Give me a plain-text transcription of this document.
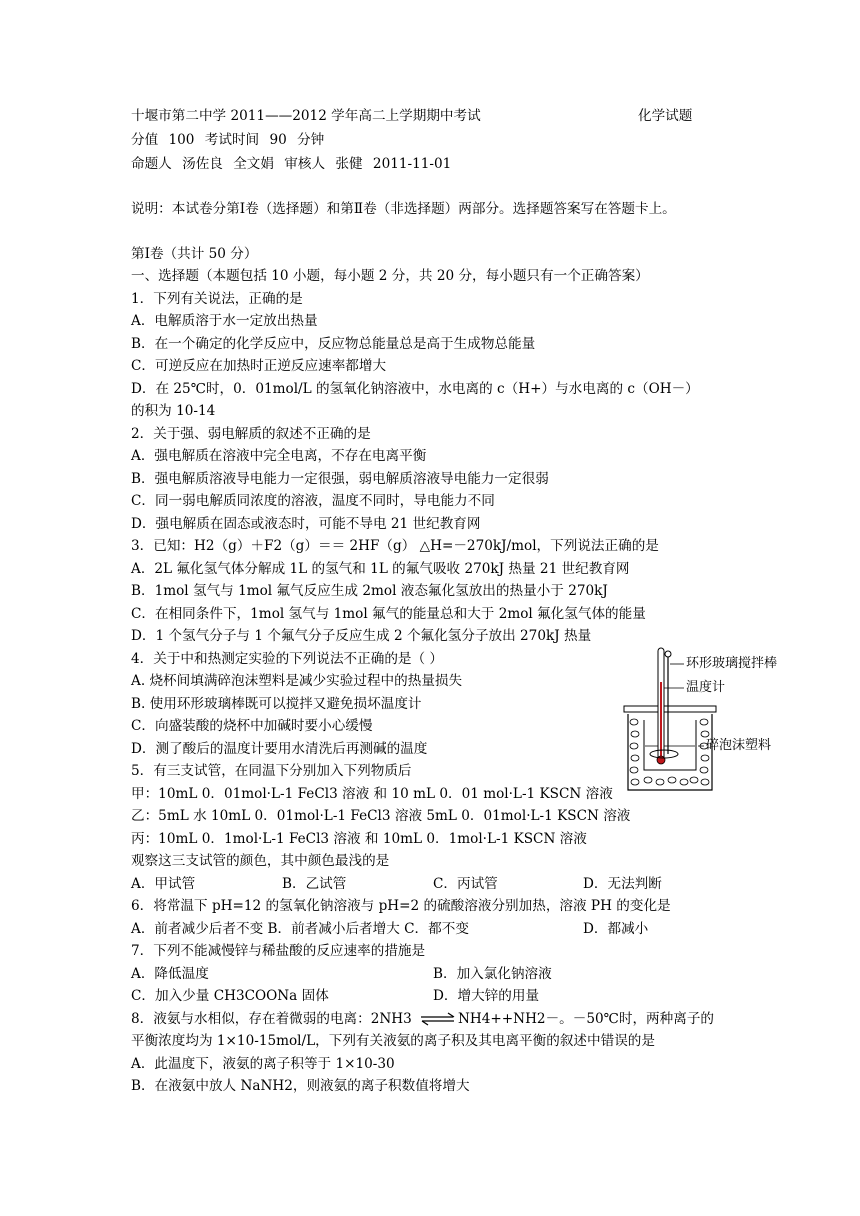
十堰市第二中学 2011——2012 学年高二上学期期中考试	化学试题
分值 100 考试时间 90 分钟
命题人 汤佐良 全文娟 审核人 张健 2011-11-01
说明：本试卷分第Ⅰ卷（选择题）和第Ⅱ卷（非选择题）两部分。选择题答案写在答题卡上。
第Ⅰ卷（共计 50 分）
一、选择题（本题包括 10 小题，每小题 2 分，共 20 分，每小题只有一个正确答案）
1．下列有关说法，正确的是
A．电解质溶于水一定放出热量
B．在一个确定的化学反应中，反应物总能量总是高于生成物总能量
C．可逆反应在加热时正逆反应速率都增大
D．在 25℃时，0．01mol/L 的氢氧化钠溶液中，水电离的 c（H+）与水电离的 c（OH－）
的积为 10-14
2．关于强、弱电解质的叙述不正确的是
A．强电解质在溶液中完全电离，不存在电离平衡
B．强电解质溶液导电能力一定很强，弱电解质溶液导电能力一定很弱
C．同一弱电解质同浓度的溶液，温度不同时，导电能力不同
D．强电解质在固态或液态时，可能不导电 21 世纪教育网
3．已知：H2（g）＋F2（g）＝＝ 2HF（g） △H=－270kJ/mol，下列说法正确的是
A．2L 氟化氢气体分解成 1L 的氢气和 1L 的氟气吸收 270kJ 热量 21 世纪教育网
B．1mol 氢气与 1mol 氟气反应生成 2mol 液态氟化氢放出的热量小于 270kJ
C．在相同条件下，1mol 氢气与 1mol 氟气的能量总和大于 2mol 氟化氢气体的能量
D．1 个氢气分子与 1 个氟气分子反应生成 2 个氟化氢分子放出 270kJ 热量
4．关于中和热测定实验的下列说法不正确的是（ ）
A. 烧杯间填满碎泡沫塑料是减少实验过程中的热量损失
B. 使用环形玻璃棒既可以搅拌又避免损坏温度计
C．向盛装酸的烧杯中加碱时要小心缓慢
D．测了酸后的温度计要用水清洗后再测碱的温度
5．有三支试管，在同温下分别加入下列物质后
甲：10mL 0．01mol·L-1 FeCl3 溶液 和 10 mL 0．01 mol·L-1 KSCN 溶液
乙：5mL 水 10mL 0．01mol·L-1 FeCl3 溶液 5mL 0．01mol·L-1 KSCN 溶液
丙：10mL 0．1mol·L-1 FeCl3 溶液 和 10mL 0．1mol·L-1 KSCN 溶液
观察这三支试管的颜色，其中颜色最浅的是
A．甲试管	B．乙试管	C．丙试管	D．无法判断
6．将常温下 pH=12 的氢氧化钠溶液与 pH=2 的硫酸溶液分别加热，溶液 PH 的变化是
A．前者减少后者不变 B．前者减小后者增大 C．都不变	D．都减小
7．下列不能减慢锌与稀盐酸的反应速率的措施是
A．降低温度	B．加入氯化钠溶液
C．加入少量 CH3COONa 固体	D．增大锌的用量
8．液氨与水相似，存在着微弱的电离：2NH3 ⇌ NH4++NH2－。－50℃时，两种离子的
平衡浓度均为 1×10-15mol/L，下列有关液氨的离子积及其电离平衡的叙述中错误的是
A．此温度下，液氨的离子积等于 1×10-30
B．在液氨中放人 NaNH2，则液氨的离子积数值将增大
环形玻璃搅拌棒
温度计
碎泡沫塑料
